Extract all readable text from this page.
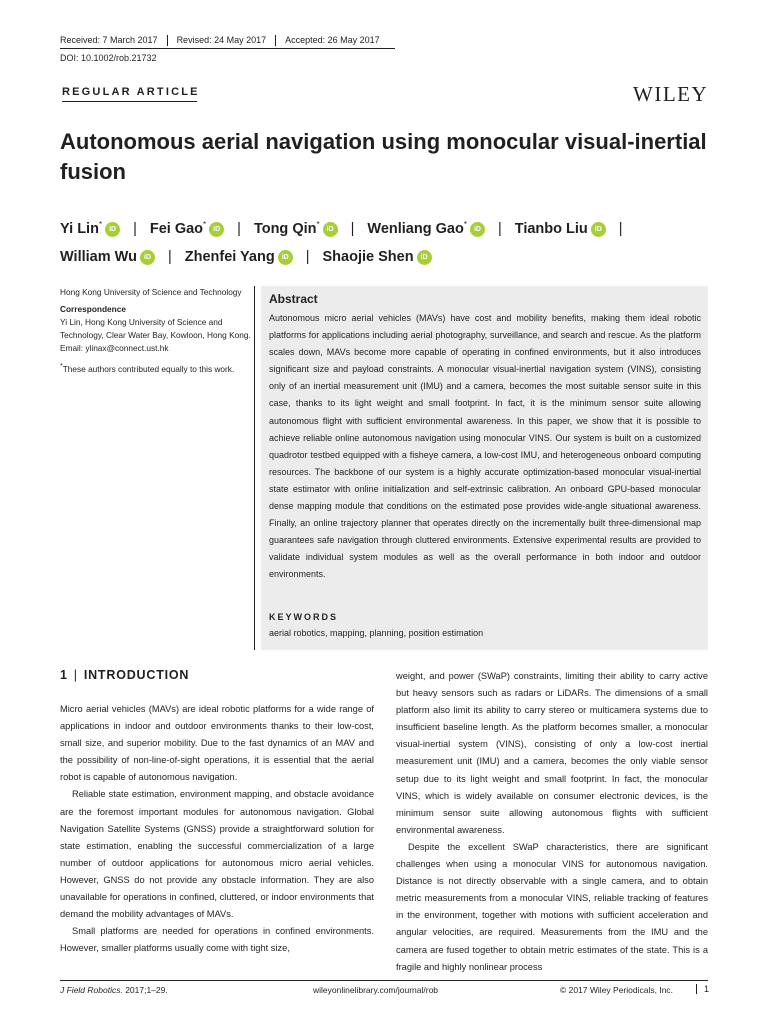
Received: 7 March 2017	Revised: 24 May 2017	Accepted: 26 May 2017
DOI: 10.1002/rob.21732
REGULAR ARTICLE	WILEY
Autonomous aerial navigation using monocular visual-inertial fusion
Yi Lin*iD | Fei Gao*iD | Tong Qin*iD | Wenliang Gao*iD | Tianbo Liu iD |
William Wu iD | Zhenfei Yang iD | Shaojie Shen iD

Hong Kong University of Science and Technology

Correspondence

Yi Lin, Hong Kong University of Science and Technology, Clear Water Bay, Kowloon, Hong Kong.

Email: ylinax@connect.ust.hk

*These authors contributed equally to this work.

Abstract
Autonomous micro aerial vehicles (MAVs) have cost and mobility benefits, making them ideal robotic platforms for applications including aerial photography, surveillance, and search and rescue. As the platform scales down, MAVs become more capable of operating in confined environments, but it also introduces significant size and payload constraints. A monocular visual-inertial navigation system (VINS), consisting only of an inertial measurement unit (IMU) and a camera, becomes the most suitable sensor suite in this case, thanks to its light weight and small footprint. In fact, it is the minimum sensor suite allowing autonomous flight with sufficient environmental awareness. In this paper, we show that it is possible to achieve reliable online autonomous navigation using monocular VINS. Our system is built on a customized quadrotor testbed equipped with a fisheye camera, a low-cost IMU, and heterogeneous onboard computing resources. The backbone of our system is a highly accurate optimization-based monocular visual-inertial state estimator with online initialization and self-extrinsic calibration. An onboard GPU-based monocular dense mapping module that conditions on the estimated pose provides wide-angle situational awareness. Finally, an online trajectory planner that operates directly on the incrementally built three-dimensional map guarantees safe navigation through cluttered environments. Extensive experimental results are provided to validate individual system modules as well as the overall performance in both indoor and outdoor environments.
KEYWORDS
aerial robotics, mapping, planning, position estimation
1 | INTRODUCTION

Micro aerial vehicles (MAVs) are ideal robotic platforms for a wide range of applications in indoor and outdoor environments thanks to their low-cost, small size, and superior mobility. Due to the fast dynamics of an MAV and the possibility of non-line-of-sight operations, it is essential that the aerial robot is capable of autonomous navigation.

Reliable state estimation, environment mapping, and obstacle avoidance are the foremost important modules for autonomous navigation. Global Navigation Satellite Systems (GNSS) provide a straightforward solution for state estimation, enabling the successful commercialization of a large number of outdoor applications for autonomous micro aerial vehicles. However, GNSS do not provide any obstacle information. They are also unavailable for operations in confined, cluttered, or indoor environments that demand the mobility advantages of MAVs.

Small platforms are needed for operations in confined environments. However, smaller platforms usually come with tight size,

weight, and power (SWaP) constraints, limiting their ability to carry active but heavy sensors such as radars or LiDARs. The dimensions of a small platform also limit its ability to carry stereo or multicamera systems due to insufficient baseline length. As the platform becomes smaller, a monocular visual-inertial system (VINS), consisting of only a low-cost inertial measurement unit (IMU) and a camera, becomes the only viable sensor setup due to its light weight and small footprint. In fact, the monocular VINS, which is widely available on consumer electronic devices, is the minimum sensor suite allowing autonomous flights with sufficient environmental awareness.

Despite the excellent SWaP characteristics, there are significant challenges when using a monocular VINS for autonomous navigation. Distance is not directly observable with a single camera, and to obtain metric measurements from a monocular VINS, reliable tracking of features in the environment, together with motions with sufficient acceleration and angular velocities, are required. Measurements from the IMU and the camera are fused together to obtain metric estimates of the state. This is a fragile and highly nonlinear process

J Field Robotics. 2017;1–29.	wileyonlinelibrary.com/journal/rob	© 2017 Wiley Periodicals, Inc.	1
